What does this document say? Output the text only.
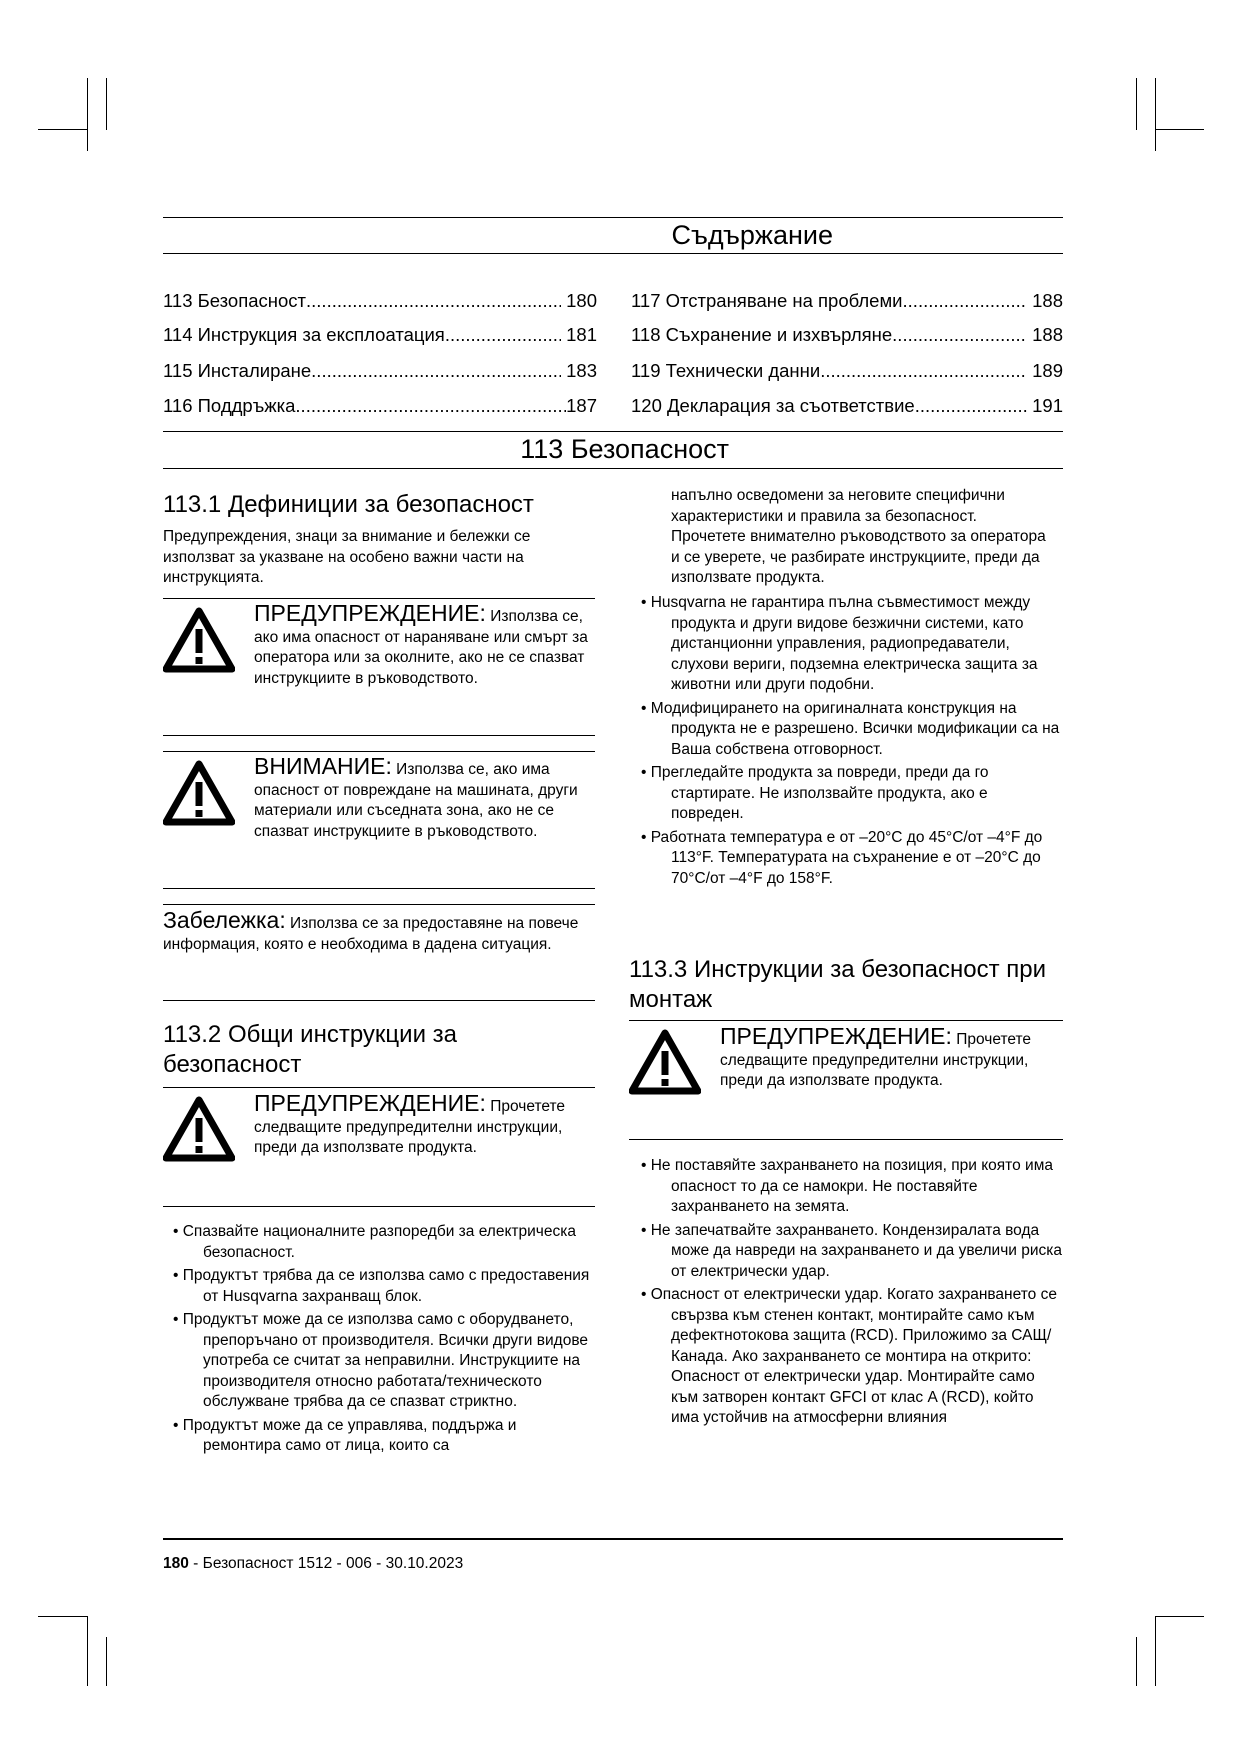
Съдържание
113 Безопасност .....
	180
114 Инструкция за експлоатация .....
	181
115 Инсталиране .....
	183
116 Поддръжка .....	187
117 Отстраняване на проблеми .....
	188
118 Съхранение и изхвърляне .....
	188
119 Технически данни .....
	189
120 Декларация за съответствие .....
	191
113 Безопасност
113.1 Дефиниции за безопасност
Предупреждения, знаци за внимание и бележки се използват за указване на особено важни части на инструкцията.
ПРЕДУПРЕЖДЕНИЕ: Използва се, ако има опасност от нараняване или смърт за оператора или за околните, ако не се спазват инструкциите в ръководството.
ВНИМАНИЕ: Използва се, ако има опасност от повреждане на машината, други материали или съседната зона, ако не се спазват инструкциите в ръководството.
Забележка: Използва се за предоставяне на повече информация, която е необходима в дадена ситуация.
113.2 Общи инструкции за безопасност
ПРЕДУПРЕЖДЕНИЕ: Прочетете следващите предупредителни инструкции, преди да използвате продукта.
• Спазвайте националните разпоредби за електрическа безопасност.
• Продуктът трябва да се използва само с предоставения от Husqvarna захранващ блок.
• Продуктът може да се използва само с оборудването, препоръчано от производителя. Всички други видове употреба се считат за неправилни. Инструкциите на производителя относно работата/техническото обслужване трябва да се спазват стриктно.
• Продуктът може да се управлява, поддържа и ремонтира само от лица, които са
напълно осведомени за неговите специфични характеристики и правила за безопасност. Прочетете внимателно ръководството за оператора и се уверете, че разбирате инструкциите, преди да използвате продукта.
• Husqvarna не гарантира пълна съвместимост между продукта и други видове безжични системи, като дистанционни управления, радиопредаватели, слухови вериги, подземна електрическа защита за животни или други подобни.
• Модифицирането на оригиналната конструкция на продукта не е разрешено. Всички модификации са на Ваша собствена отговорност.
• Прегледайте продукта за повреди, преди да го стартирате. Не използвайте продукта, ако е повреден.
• Работната температура е от –20°C до 45°C/от –4°F до 113°F. Температурата на съхранение е от –20°C до 70°C/от –4°F до 158°F.
113.3 Инструкции за безопасност при монтаж
ПРЕДУПРЕЖДЕНИЕ: Прочетете следващите предупредителни инструкции, преди да използвате продукта.
• Не поставяйте захранването на позиция, при която има опасност то да се намокри. Не поставяйте захранването на земята.
• Не запечатвайте захранването. Кондензиралата вода може да навреди на захранването и да увеличи риска от електрически удар.
• Опасност от електрически удар. Когато захранването се свързва към стенен контакт, монтирайте само към дефектнотокова защита (RCD). Приложимо за САЩ/Канада. Ако захранването се монтира на открито: Опасност от електрически удар. Монтирайте само към затворен контакт GFCI от клас A (RCD), който има устойчив на атмосферни влияния
180 - Безопасност 1512 - 006 - 30.10.2023
